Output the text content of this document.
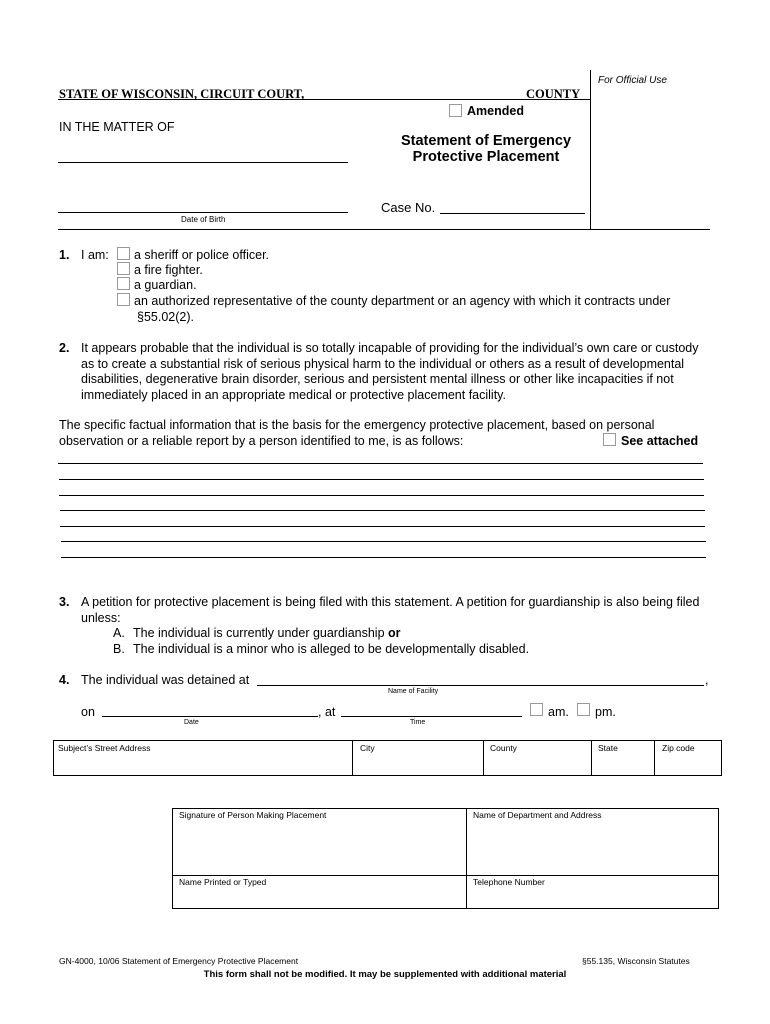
For Official Use
STATE OF WISCONSIN, CIRCUIT COURT,	COUNTY
Amended
IN THE MATTER OF
Statement of Emergency
Protective Placement
Date of Birth
Case No.
1. I am: a sheriff or police officer.
a fire fighter.
a guardian.
an authorized representative of the county department or an agency with which it contracts under
§55.02(2).
2. It appears probable that the individual is so totally incapable of providing for the individual’s own care or custody
as to create a substantial risk of serious physical harm to the individual or others as a result of developmental
disabilities, degenerative brain disorder, serious and persistent mental illness or other like incapacities if not
immediately placed in an appropriate medical or protective placement facility.
The specific factual information that is the basis for the emergency protective placement, based on personal
observation or a reliable report by a person identified to me, is as follows:	See attached
3. A petition for protective placement is being filed with this statement. A petition for guardianship is also being filed
unless:
A. The individual is currently under guardianship or
B. The individual is a minor who is alleged to be developmentally disabled.
4. The individual was detained at	,
Name of Facility
on	, at
Date	Time
am. pm.
Subject’s Street Address	City	County	State	Zip code
Signature of Person Making Placement	Name of Department and Address
Name Printed or Typed	Telephone Number
GN-4000, 10/06 Statement of Emergency Protective Placement	§55.135, Wisconsin Statutes
This form shall not be modified. It may be supplemented with additional material
